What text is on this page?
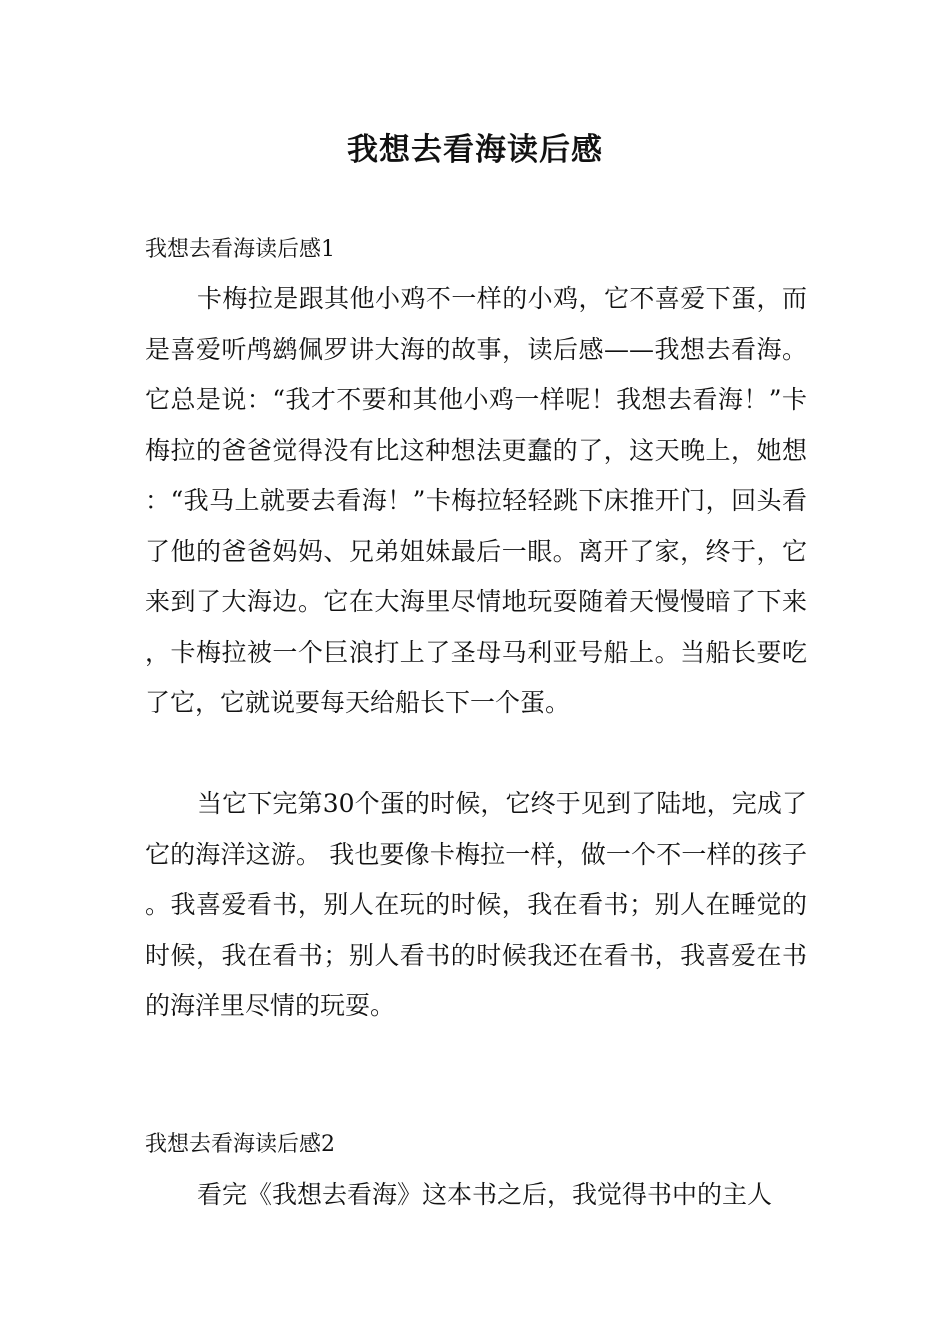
我想去看海读后感
我想去看海读后感1

卡梅拉是跟其他小鸡不一样的小鸡，它不喜爱下蛋，而是喜爱听鸬鹚佩罗讲大海的故事，读后感——我想去看海。它总是说：“我才不要和其他小鸡一样呢！我想去看海！”卡梅拉的爸爸觉得没有比这种想法更蠢的了，这天晚上，她想：“我马上就要去看海！”卡梅拉轻轻跳下床推开门，回头看了他的爸爸妈妈、兄弟姐妹最后一眼。离开了家，终于，它来到了大海边。它在大海里尽情地玩耍随着天慢慢暗了下来，卡梅拉被一个巨浪打上了圣母马利亚号船上。当船长要吃了它，它就说要每天给船长下一个蛋。

当它下完第30个蛋的时候，它终于见到了陆地，完成了它的海洋这游。 我也要像卡梅拉一样，做一个不一样的孩子。我喜爱看书，别人在玩的时候，我在看书；别人在睡觉的时候，我在看书；别人看书的时候我还在看书，我喜爱在书的海洋里尽情的玩耍。

我想去看海读后感2

看完《我想去看海》这本书之后，我觉得书中的主人
